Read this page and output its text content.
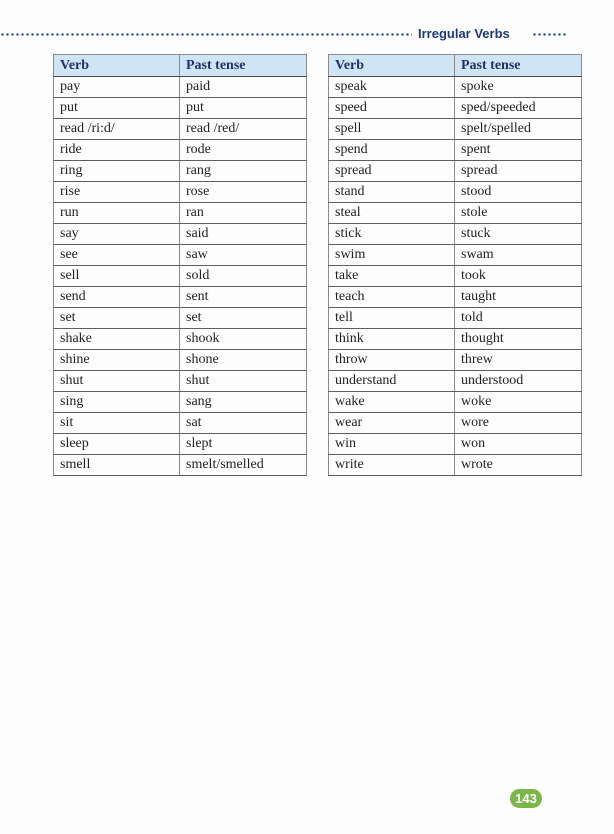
Irregular Verbs
Verb	Past tense
pay	paid
put	put
read /ri:d/	read /red/
ride	rode
ring	rang
rise	rose
run	ran
say	said
see	saw
sell	sold
send	sent
set	set
shake	shook
shine	shone
shut	shut
sing	sang
sit	sat
sleep	slept
smell	smelt/smelled
Verb	Past tense
speak	spoke
speed	sped/speeded
spell	spelt/spelled
spend	spent
spread	spread
stand	stood
steal	stole
stick	stuck
swim	swam
take	took
teach	taught
tell	told
think	thought
throw	threw
understand	understood
wake	woke
wear	wore
win	won
write	wrote
143
